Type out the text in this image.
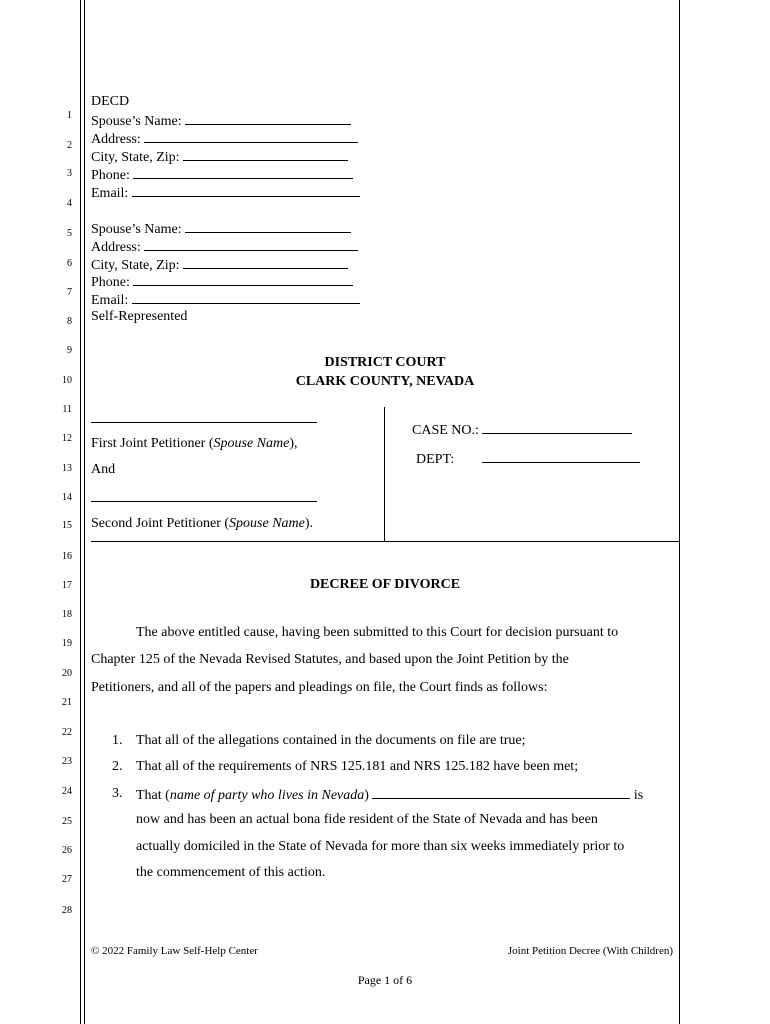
1
2
3
4
5
6
7
8
9
10
11
12
13
14
15
16
17
18
19
20
21
22
23
24
25
26
27
28
DECD
Spouse’s Name:
Address:
City, State, Zip:
Phone:
Email:
Spouse’s Name:
Address:
City, State, Zip:
Phone:
Email:
Self-Represented
DISTRICT COURT
CLARK COUNTY, NEVADA
First Joint Petitioner (Spouse Name),
And
Second Joint Petitioner (Spouse Name).
CASE NO.:
DEPT:
DECREE OF DIVORCE
The above entitled cause, having been submitted to this Court for decision pursuant to
Chapter 125 of the Nevada Revised Statutes, and based upon the Joint Petition by the
Petitioners, and all of the papers and pleadings on file, the Court finds as follows:
1. That all of the allegations contained in the documents on file are true;
2. That all of the requirements of NRS 125.181 and NRS 125.182 have been met;
3. That (name of party who lives in Nevada)	is
now and has been an actual bona fide resident of the State of Nevada and has been
actually domiciled in the State of Nevada for more than six weeks immediately prior to
the commencement of this action.
© 2022 Family Law Self-Help Center	Joint Petition Decree (With Children)
Page 1 of 6
